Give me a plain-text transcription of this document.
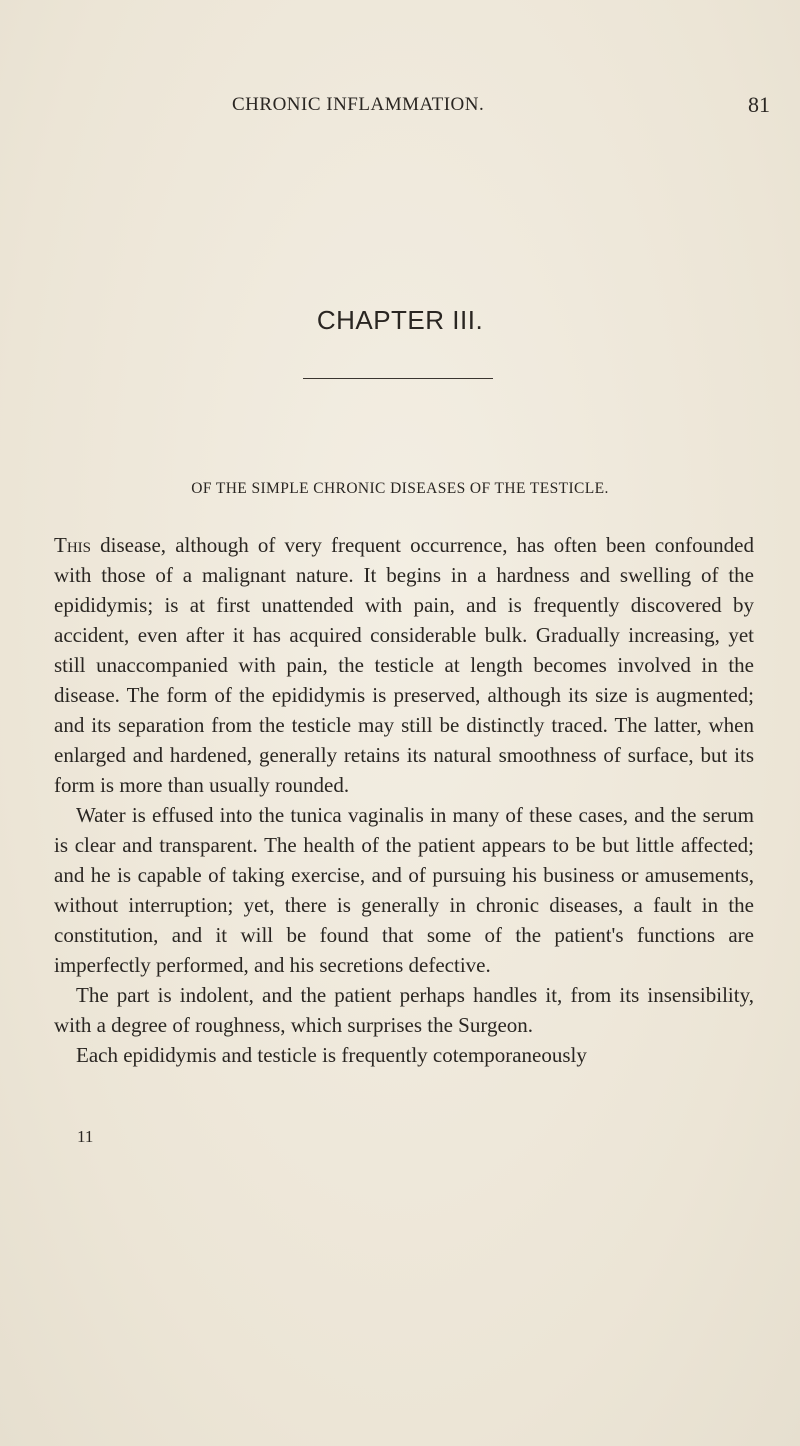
CHRONIC INFLAMMATION.	81
CHAPTER III.
OF THE SIMPLE CHRONIC DISEASES OF THE TESTICLE.

This disease, although of very frequent occurrence, has often been confounded with those of a malignant nature. It begins in a hardness and swelling of the epididymis; is at first unattended with pain, and is frequently discovered by accident, even after it has acquired considerable bulk. Gradually increasing, yet still unaccompanied with pain, the testicle at length becomes involved in the disease. The form of the epididymis is preserved, although its size is augmented; and its separation from the testicle may still be distinctly traced. The latter, when enlarged and hardened, generally retains its natural smoothness of surface, but its form is more than usually rounded.

Water is effused into the tunica vaginalis in many of these cases, and the serum is clear and transparent. The health of the patient appears to be but little affected; and he is capable of taking exercise, and of pursuing his business or amusements, without interruption; yet, there is generally in chronic diseases, a fault in the constitution, and it will be found that some of the patient's functions are imperfectly performed, and his secretions defective.

The part is indolent, and the patient perhaps handles it, from its insensibility, with a degree of roughness, which surprises the Surgeon.

Each epididymis and testicle is frequently cotemporaneously

11
